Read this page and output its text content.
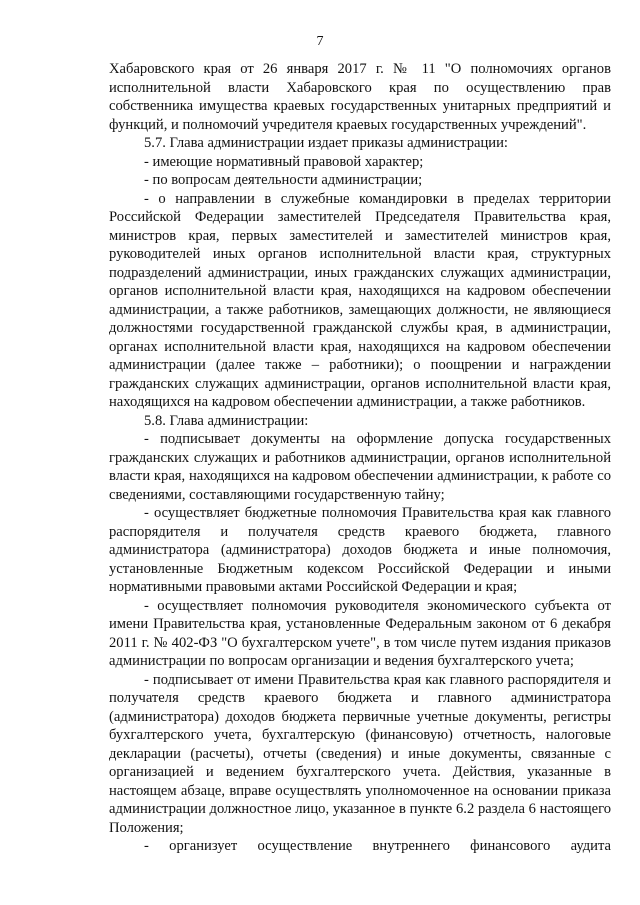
7

Хабаровского края от 26 января 2017 г. № 11 "О полномочиях органов исполнительной власти Хабаровского края по осуществлению прав собственника имущества краевых государственных унитарных предприятий и функций, и полномочий учредителя краевых государственных учреждений".

5.7. Глава администрации издает приказы администрации:

- имеющие нормативный правовой характер;

- по вопросам деятельности администрации;

- о направлении в служебные командировки в пределах территории Российской Федерации заместителей Председателя Правительства края, министров края, первых заместителей и заместителей министров края, руководителей иных органов исполнительной власти края, структурных подразделений администрации, иных гражданских служащих администрации, органов исполнительной власти края, находящихся на кадровом обеспечении администрации, а также работников, замещающих должности, не являющиеся должностями государственной гражданской службы края, в администрации, органах исполнительной власти края, находящихся на кадровом обеспечении администрации (далее также – работники); о поощрении и награждении гражданских служащих администрации, органов исполнительной власти края, находящихся на кадровом обеспечении администрации, а также работников.

5.8. Глава администрации:

- подписывает документы на оформление допуска государственных гражданских служащих и работников администрации, органов исполнительной власти края, находящихся на кадровом обеспечении администрации, к работе со сведениями, составляющими государственную тайну;

- осуществляет бюджетные полномочия Правительства края как главного распорядителя и получателя средств краевого бюджета, главного администратора (администратора) доходов бюджета и иные полномочия, установленные Бюджетным кодексом Российской Федерации и иными нормативными правовыми актами Российской Федерации и края;

- осуществляет полномочия руководителя экономического субъекта от имени Правительства края, установленные Федеральным законом от 6 декабря 2011 г. № 402-ФЗ "О бухгалтерском учете", в том числе путем издания приказов администрации по вопросам организации и ведения бухгалтерского учета;

- подписывает от имени Правительства края как главного распорядителя и получателя средств краевого бюджета и главного администратора (администратора) доходов бюджета первичные учетные документы, регистры бухгалтерского учета, бухгалтерскую (финансовую) отчетность, налоговые декларации (расчеты), отчеты (сведения) и иные документы, связанные с организацией и ведением бухгалтерского учета. Действия, указанные в настоящем абзаце, вправе осуществлять уполномоченное на основании приказа администрации должностное лицо, указанное в пункте 6.2 раздела 6 настоящего Положения;

- организует осуществление внутреннего финансового аудита
